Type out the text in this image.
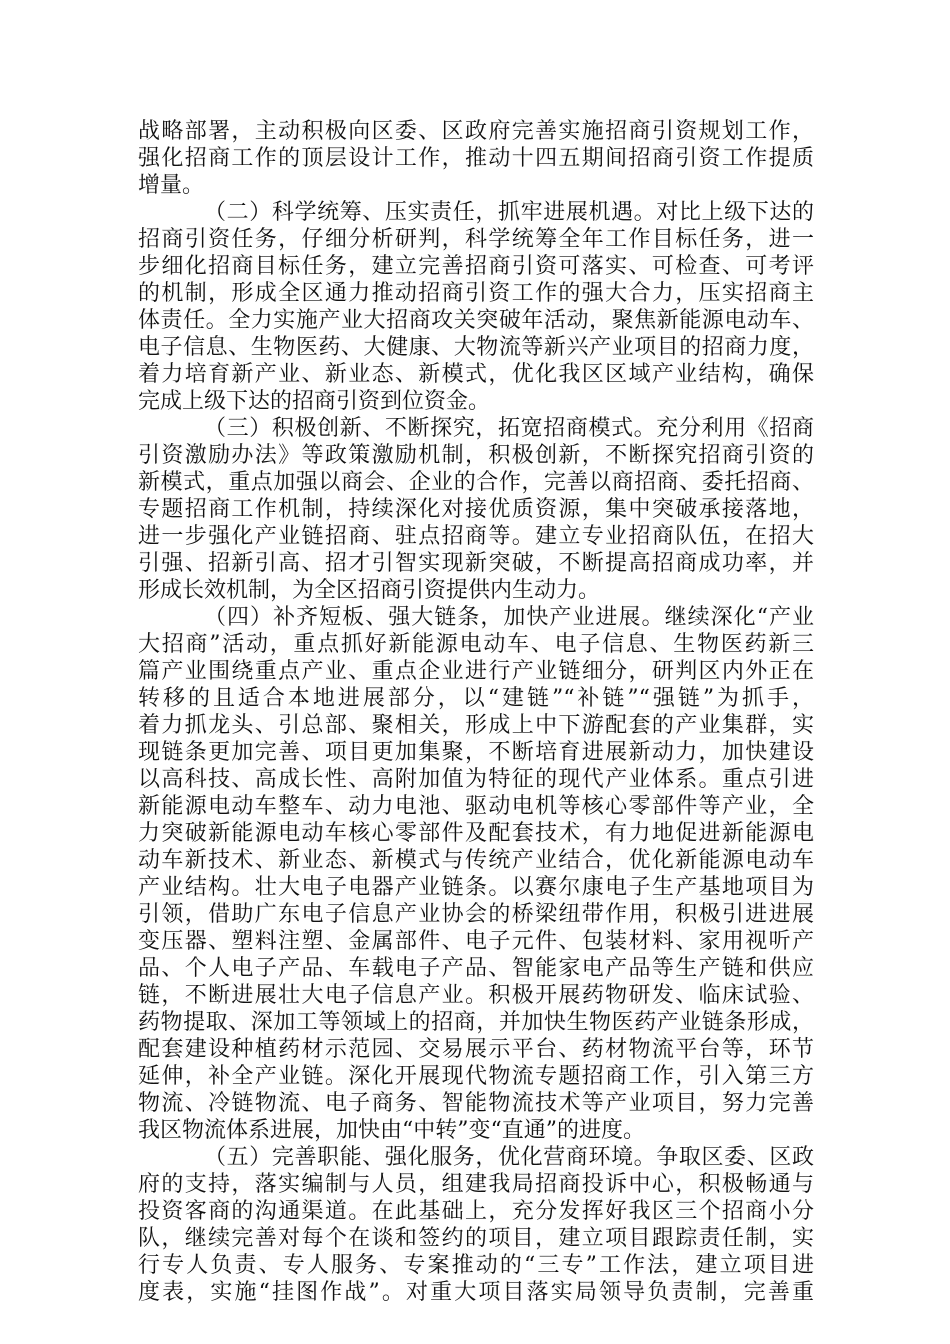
战略部署，主动积极向区委、区政府完善实施招商引资规划工作，
强化招商工作的顶层设计工作，推动十四五期间招商引资工作提质
增量。
（二）科学统筹、压实责任，抓牢进展机遇。对比上级下达的
招商引资任务，仔细分析研判，科学统筹全年工作目标任务，进一
步细化招商目标任务，建立完善招商引资可落实、可检查、可考评
的机制，形成全区通力推动招商引资工作的强大合力，压实招商主
体责任。全力实施产业大招商攻关突破年活动，聚焦新能源电动车、
电子信息、生物医药、大健康、大物流等新兴产业项目的招商力度，
着力培育新产业、新业态、新模式，优化我区区域产业结构，确保
完成上级下达的招商引资到位资金。
（三）积极创新、不断探究，拓宽招商模式。充分利用《招商
引资激励办法》等政策激励机制，积极创新，不断探究招商引资的
新模式，重点加强以商会、企业的合作，完善以商招商、委托招商、
专题招商工作机制，持续深化对接优质资源，集中突破承接落地，
进一步强化产业链招商、驻点招商等。建立专业招商队伍，在招大
引强、招新引高、招才引智实现新突破，不断提高招商成功率，并
形成长效机制，为全区招商引资提供内生动力。
（四）补齐短板、强大链条，加快产业进展。继续深化“产业
大招商”活动，重点抓好新能源电动车、电子信息、生物医药新三
篇产业围绕重点产业、重点企业进行产业链细分，研判区内外正在
转移的且适合本地进展部分，以“建链”“补链”“强链”为抓手，
着力抓龙头、引总部、聚相关，形成上中下游配套的产业集群，实
现链条更加完善、项目更加集聚，不断培育进展新动力，加快建设
以高科技、高成长性、高附加值为特征的现代产业体系。重点引进
新能源电动车整车、动力电池、驱动电机等核心零部件等产业，全
力突破新能源电动车核心零部件及配套技术，有力地促进新能源电
动车新技术、新业态、新模式与传统产业结合，优化新能源电动车
产业结构。壮大电子电器产业链条。以赛尔康电子生产基地项目为
引领，借助广东电子信息产业协会的桥梁纽带作用，积极引进进展
变压器、塑料注塑、金属部件、电子元件、包装材料、家用视听产
品、个人电子产品、车载电子产品、智能家电产品等生产链和供应
链，不断进展壮大电子信息产业。积极开展药物研发、临床试验、
药物提取、深加工等领域上的招商，并加快生物医药产业链条形成，
配套建设种植药材示范园、交易展示平台、药材物流平台等，环节
延伸，补全产业链。深化开展现代物流专题招商工作，引入第三方
物流、冷链物流、电子商务、智能物流技术等产业项目，努力完善
我区物流体系进展，加快由“中转”变“直通”的进度。
（五）完善职能、强化服务，优化营商环境。争取区委、区政
府的支持，落实编制与人员，组建我局招商投诉中心，积极畅通与
投资客商的沟通渠道。在此基础上，充分发挥好我区三个招商小分
队，继续完善对每个在谈和签约的项目，建立项目跟踪责任制，实
行专人负责、专人服务、专案推动的“三专”工作法，建立项目进
度表，实施“挂图作战”。对重大项目落实局领导负责制，完善重
